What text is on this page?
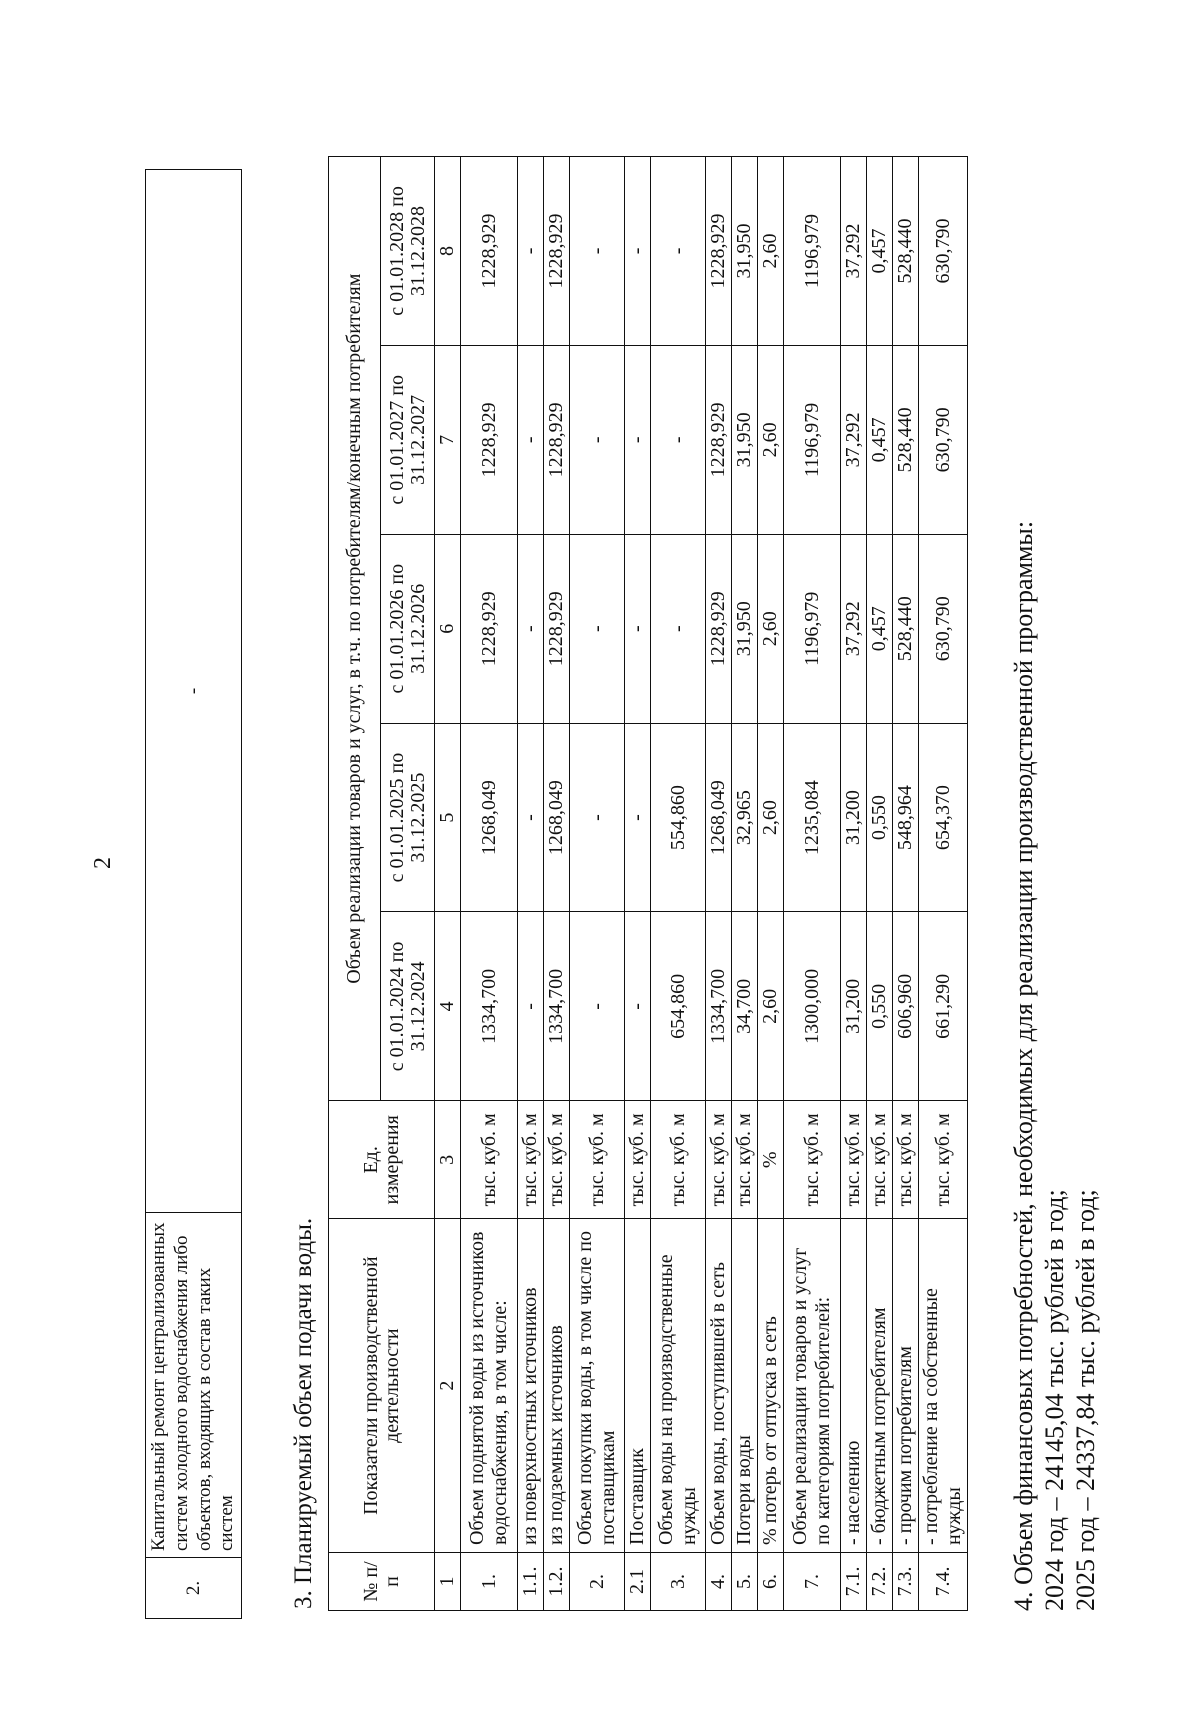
2
2.	Капитальный ремонт централизованных систем холодного водоснабжения либо объектов, входящих в состав таких систем	-
3. Планируемый объем подачи воды. № п/п	Показатели производственной деятельности	Ед. измерения	Объем реализации товаров и услуг, в т.ч. по потребителям/конечным потребителям				
			с 01.01.2024 по 31.12.2024	с 01.01.2025 по 31.12.2025	с 01.01.2026 по 31.12.2026	с 01.01.2027 по 31.12.2027	с 01.01.2028 по 31.12.2028
1	2	3	4	5	6	7	8
1.	Объем поднятой воды из источников водоснабжения, в том числе:	тыс. куб. м	1334,700	1268,049	1228,929	1228,929	1228,929
1.1.	из поверхностных источников	тыс. куб. м	-	-	-	-	-
1.2.	из подземных источников	тыс. куб. м	1334,700	1268,049	1228,929	1228,929	1228,929
2.	Объем покупки воды, в том числе по поставщикам	тыс. куб. м	-	-	-	-	-
2.1	Поставщик	тыс. куб. м	-	-	-	-	-
3.	Объем воды на производственные нужды	тыс. куб. м	654,860	554,860	-	-	-
4.	Объем воды, поступившей в сеть	тыс. куб. м	1334,700	1268,049	1228,929	1228,929	1228,929
5.	Потери воды	тыс. куб. м	34,700	32,965	31,950	31,950	31,950
6.	% потерь от отпуска в сеть	%	2,60	2,60	2,60	2,60	2,60
7.	Объем реализации товаров и услуг по категориям потребителей:	тыс. куб. м	1300,000	1235,084	1196,979	1196,979	1196,979
7.1.	- населению	тыс. куб. м	31,200	31,200	37,292	37,292	37,292
7.2.	- бюджетным потребителям	тыс. куб. м	0,550	0,550	0,457	0,457	0,457
7.3.	- прочим потребителям	тыс. куб. м	606,960	548,964	528,440	528,440	528,440
7.4.	- потребление на собственные нужды	тыс. куб. м	661,290	654,370	630,790	630,790	630,790
4. Объем финансовых потребностей, необходимых для реализации производственной программы: 2024 год – 24145,04 тыс. рублей в год; 2025 год – 24337,84 тыс. рублей в год;
